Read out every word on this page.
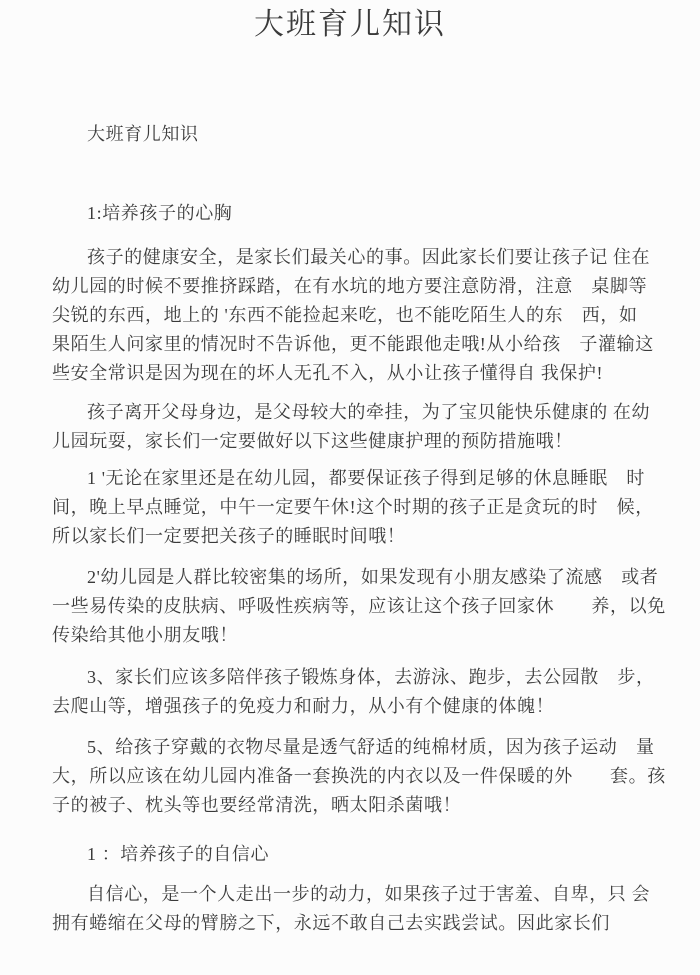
大班育儿知识
大班育儿知识
1:培养孩子的心胸
孩子的健康安全，是家长们最关心的事。因此家长们要让孩子记 住在
幼儿园的时候不要推挤踩踏，在有水坑的地方要注意防滑，注意　桌脚等
尖锐的东西，地上的 '东西不能捡起来吃，也不能吃陌生人的东　西，如
果陌生人问家里的情况时不告诉他，更不能跟他走哦!从小给孩　子灌输这
些安全常识是因为现在的坏人无孔不入，从小让孩子懂得自 我保护!
孩子离开父母身边，是父母较大的牵挂，为了宝贝能快乐健康的 在幼
儿园玩耍，家长们一定要做好以下这些健康护理的预防措施哦！
1 '无论在家里还是在幼儿园，都要保证孩子得到足够的休息睡眠　时
间，晚上早点睡觉，中午一定要午休!这个时期的孩子正是贪玩的时　候，
所以家长们一定要把关孩子的睡眠时间哦！
2'幼儿园是人群比较密集的场所，如果发现有小朋友感染了流感　或者
一些易传染的皮肤病、呼吸性疾病等，应该让这个孩子回家休　　养，以免
传染给其他小朋友哦！
3、家长们应该多陪伴孩子锻炼身体，去游泳、跑步，去公园散　步，
去爬山等，增强孩子的免疫力和耐力，从小有个健康的体魄！
5、给孩子穿戴的衣物尽量是透气舒适的纯棉材质，因为孩子运动　量
大，所以应该在幼儿园内准备一套换洗的内衣以及一件保暖的外　　套。孩
子的被子、枕头等也要经常清洗，晒太阳杀菌哦！
1 ：培养孩子的自信心
自信心，是一个人走出一步的动力，如果孩子过于害羞、自卑，只 会
拥有蜷缩在父母的臂膀之下，永远不敢自己去实践尝试。因此家长们
